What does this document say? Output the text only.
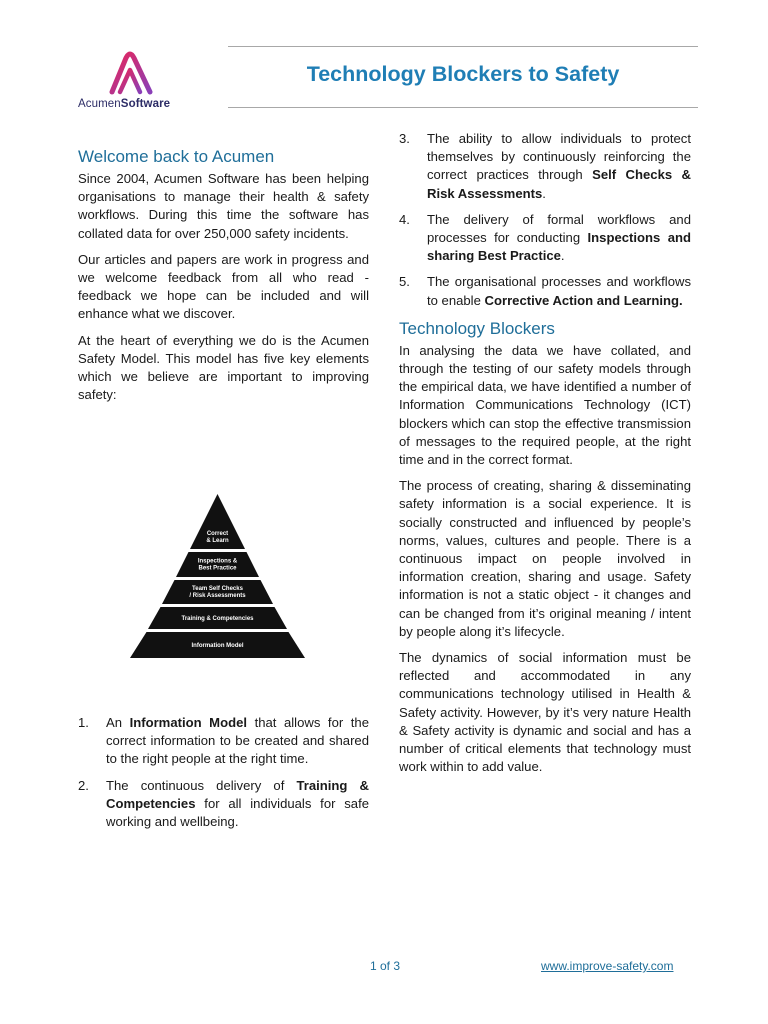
AcumenSoftware
Technology Blockers to Safety
Welcome back to Acumen

Since 2004, Acumen Software has been helping organisations to manage their health & safety workflows. During this time the software has collated data for over 250,000 safety incidents.

Our articles and papers are work in progress and we welcome feedback from all who read - feedback we hope can be included and will enhance what we discover.

At the heart of everything we do is the Acumen Safety Model. This model has five key elements which we believe are important to improving safety:

Correct
& Learn
Inspections &
Best Practice
Team Self Checks
/ Risk Assessments
Training & Competencies
Information Model
1. An Information Model that allows for the correct information to be created and shared to the right people at the right time.
2. The continuous delivery of Training & Competencies for all individuals for safe working and wellbeing.
3. The ability to allow individuals to protect themselves by continuously reinforcing the correct practices through Self Checks & Risk Assessments.
4. The delivery of formal workflows and processes for conducting Inspections and sharing Best Practice.
5. The organisational processes and workflows to enable Corrective Action and Learning.
Technology Blockers

In analysing the data we have collated, and through the testing of our safety models through the empirical data, we have identified a number of Information Communications Technology (ICT) blockers which can stop the effective transmission of messages to the required people, at the right time and in the correct format.

The process of creating, sharing & disseminating safety information is a social experience. It is socially constructed and influenced by people’s norms, values, cultures and people. There is a continuous impact on people involved in information creation, sharing and usage. Safety information is not a static object - it changes and can be changed from it’s original meaning / intent by people along it’s lifecycle.

The dynamics of social information must be reflected and accommodated in any communications technology utilised in Health & Safety activity. However, by it’s very nature Health & Safety activity is dynamic and social and has a number of critical elements that technology must work within to add value.

1 of 3	www.improve-safety.com
